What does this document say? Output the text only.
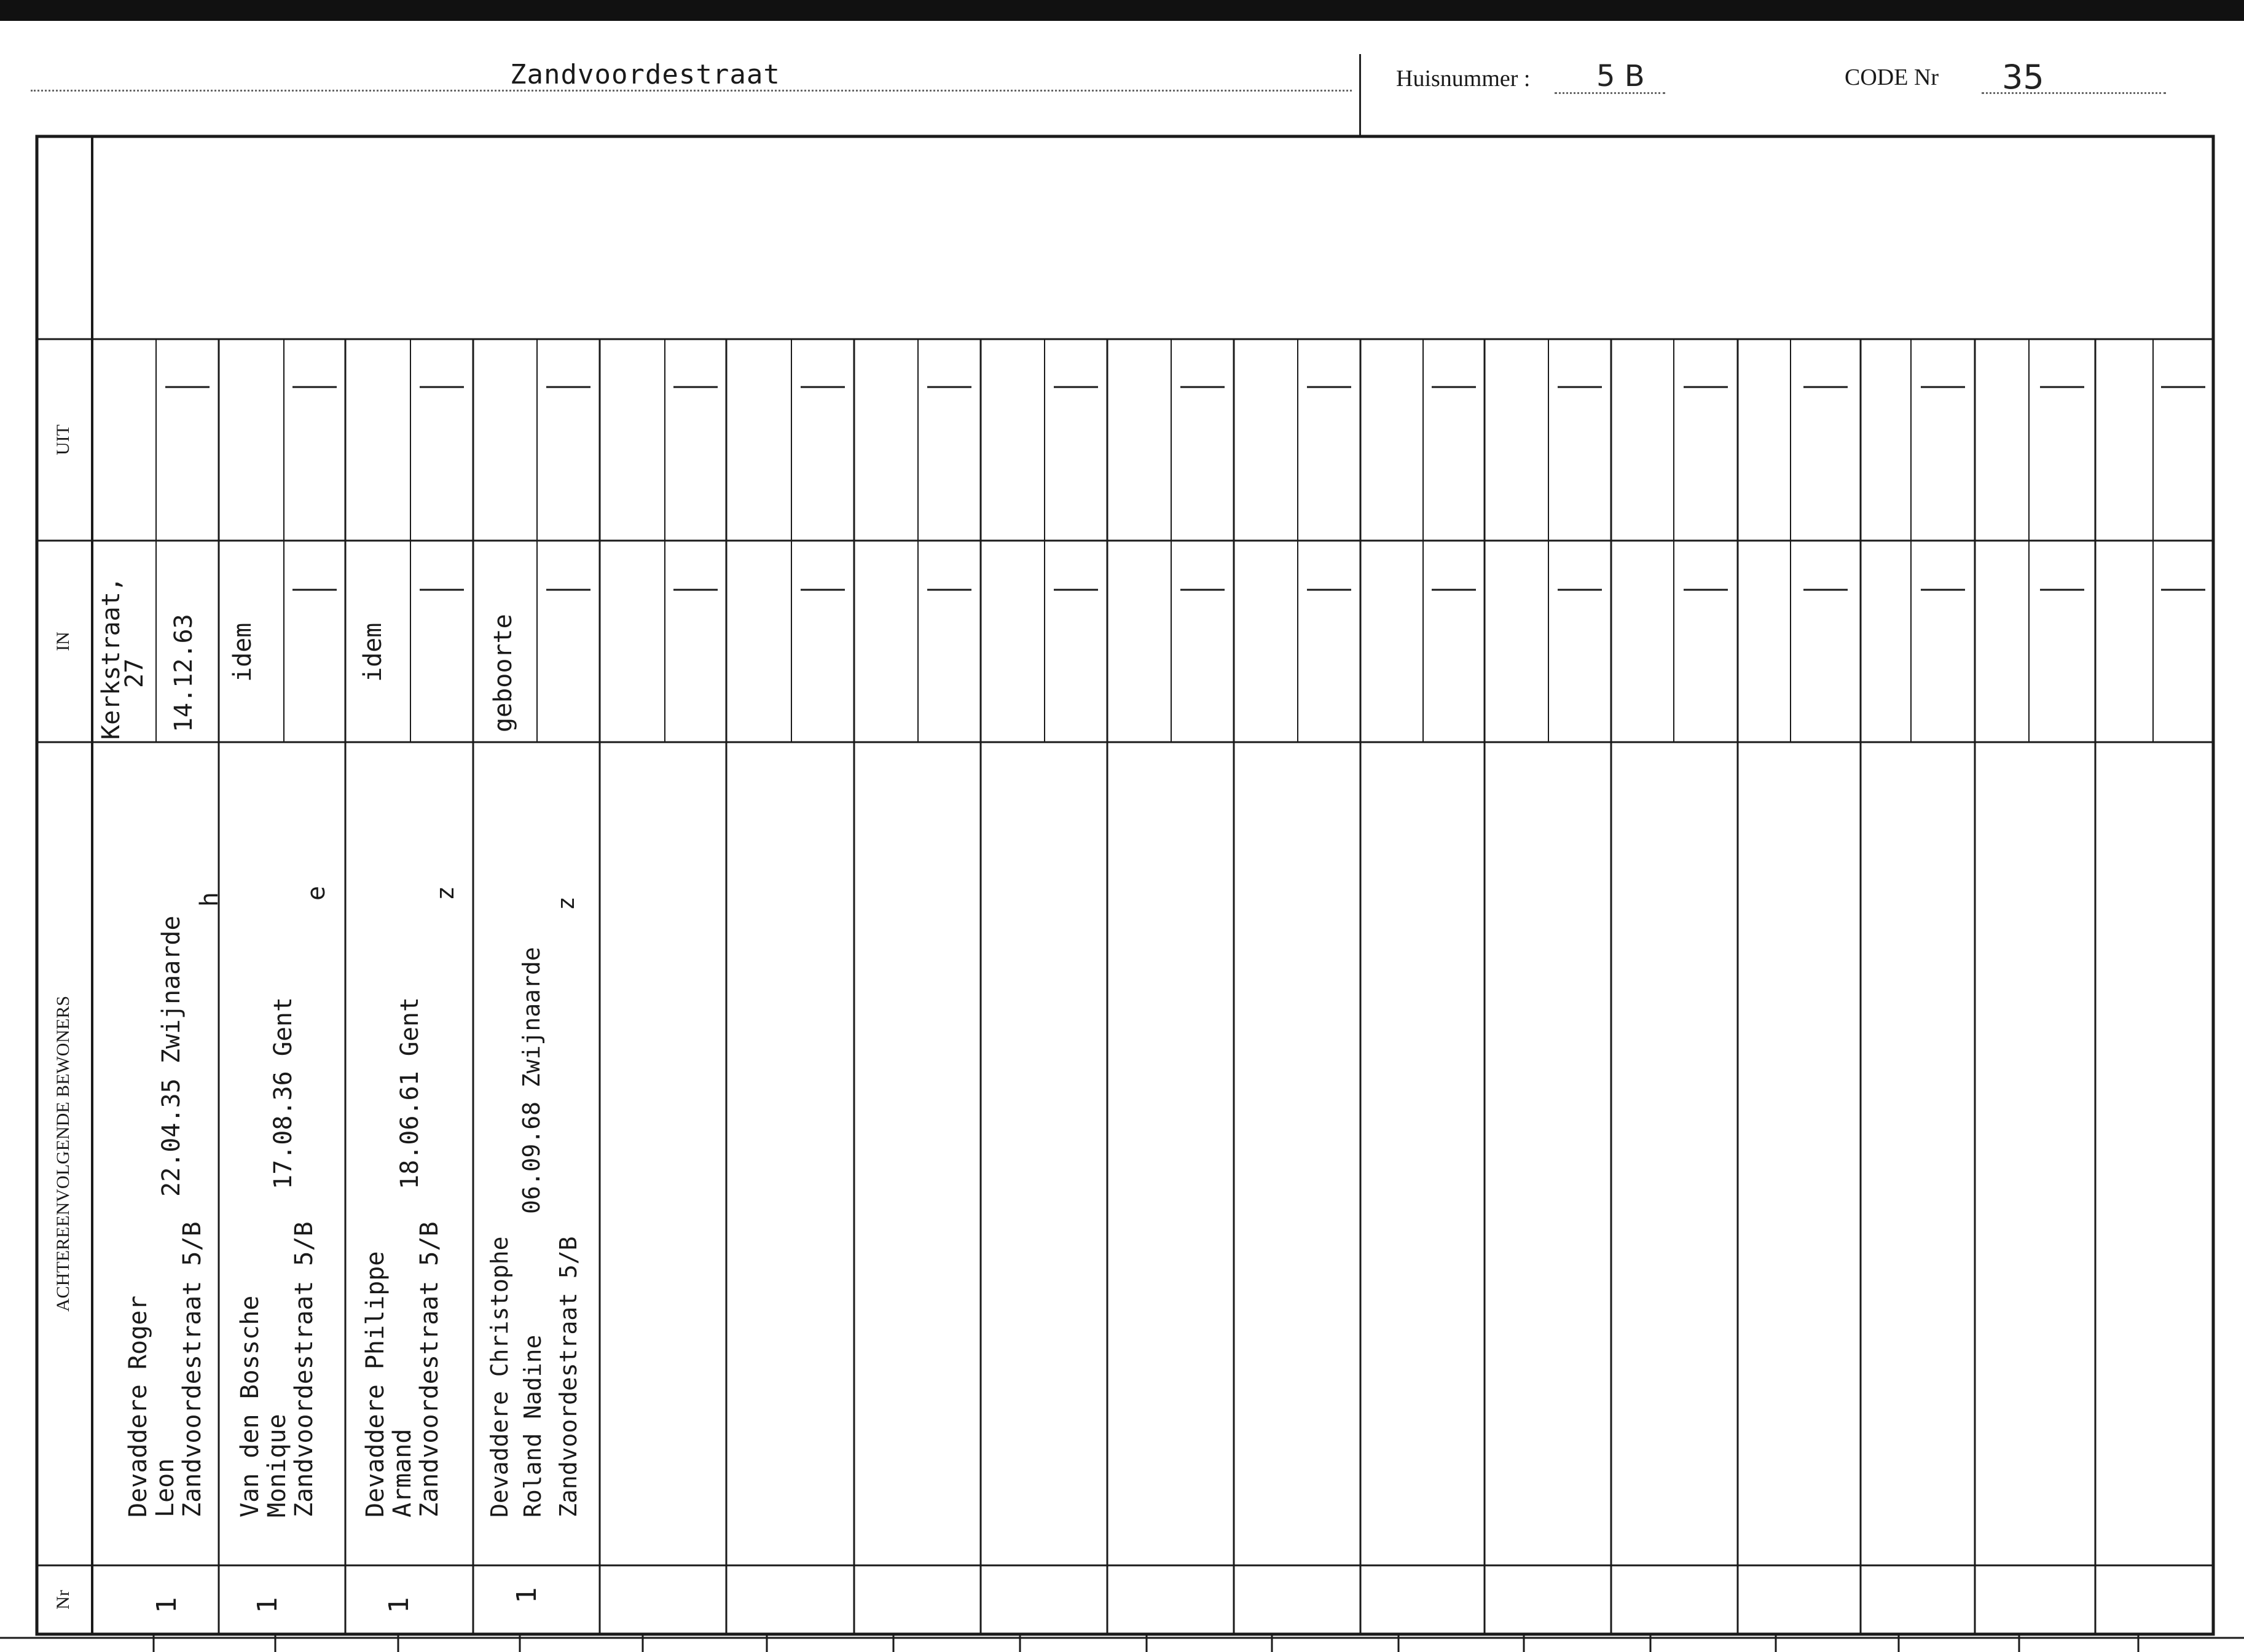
Zandvoordestraat	Huisnummer : 5 B	CODE Nr 35
UIT
IN
ACHTEREENVOLGENDE BEWONERS
Nr
Kerkstraat,
27 14.12.63
Devaddere Roger
Leon
Zandvoordestraat 5/B
22.04.35 Zwijnaarde
h
1
idem
Van den Bossche
Monique
Zandvoordestraat 5/B
17.08.36 Gent
e
1
idem
Devaddere Philippe
Armand
Zandvoordestraat 5/B
18.06.61 Gent
z
1
geboorte
Devaddere Christophe Roland Nadine Zandvoordestraat 5/B
06.09.68 Zwijnaarde
z
1
